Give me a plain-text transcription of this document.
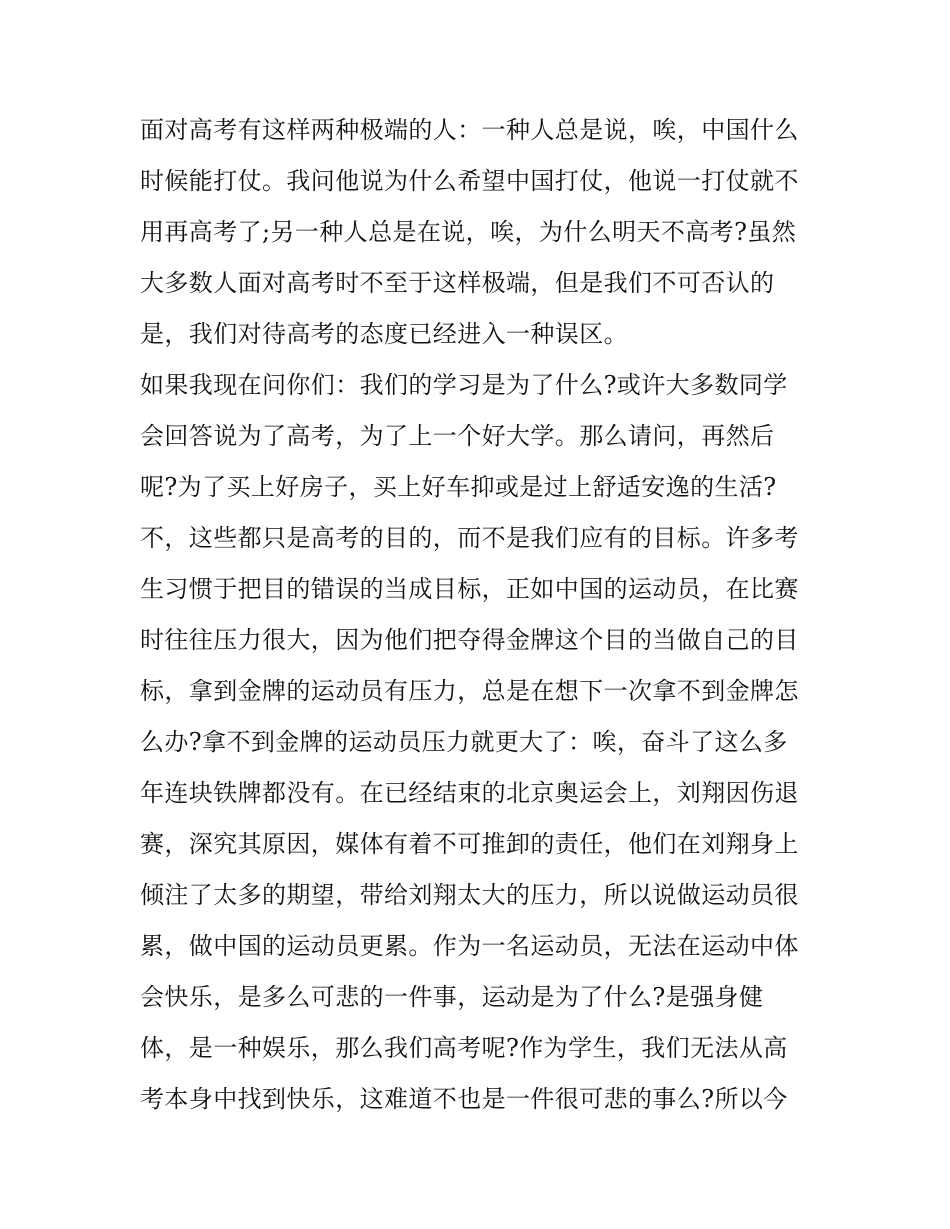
面对高考有这样两种极端的人：一种人总是说，唉，中国什么
时候能打仗。我问他说为什么希望中国打仗，他说一打仗就不
用再高考了;另一种人总是在说，唉，为什么明天不高考?虽然
大多数人面对高考时不至于这样极端，但是我们不可否认的
是，我们对待高考的态度已经进入一种误区。
如果我现在问你们：我们的学习是为了什么?或许大多数同学
会回答说为了高考，为了上一个好大学。那么请问，再然后
呢?为了买上好房子，买上好车抑或是过上舒适安逸的生活?
不，这些都只是高考的目的，而不是我们应有的目标。许多考
生习惯于把目的错误的当成目标，正如中国的运动员，在比赛
时往往压力很大，因为他们把夺得金牌这个目的当做自己的目
标，拿到金牌的运动员有压力，总是在想下一次拿不到金牌怎
么办?拿不到金牌的运动员压力就更大了：唉，奋斗了这么多
年连块铁牌都没有。在已经结束的北京奥运会上，刘翔因伤退
赛，深究其原因，媒体有着不可推卸的责任，他们在刘翔身上
倾注了太多的期望，带给刘翔太大的压力，所以说做运动员很
累，做中国的运动员更累。作为一名运动员，无法在运动中体
会快乐，是多么可悲的一件事，运动是为了什么?是强身健
体，是一种娱乐，那么我们高考呢?作为学生，我们无法从高
考本身中找到快乐，这难道不也是一件很可悲的事么?所以今
